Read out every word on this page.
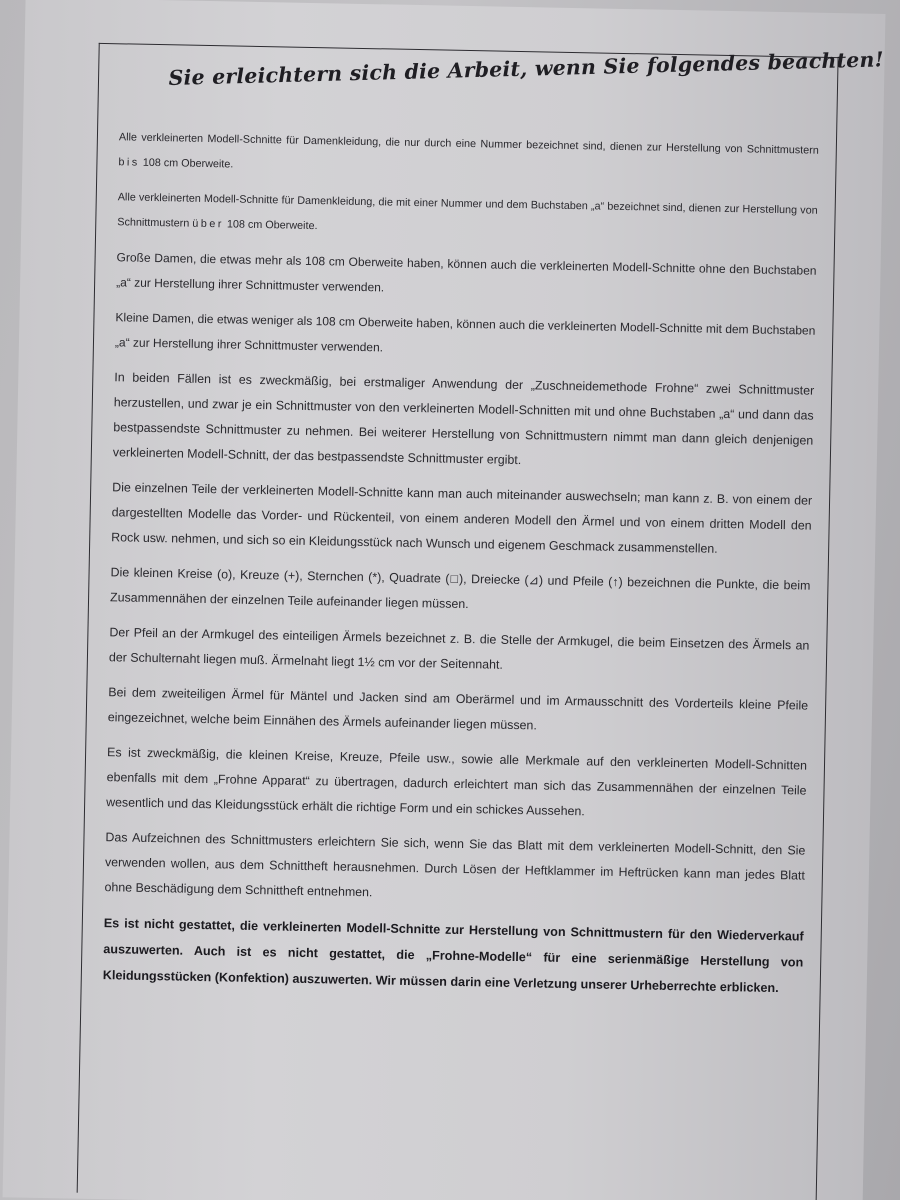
Sie erleichtern sich die Arbeit, wenn Sie folgendes beachten!

Alle verkleinerten Modell-Schnitte für Damenkleidung, die nur durch eine Nummer bezeichnet sind, dienen zur Herstellung von Schnittmustern bis 108 cm Oberweite.

Alle verkleinerten Modell-Schnitte für Damenkleidung, die mit einer Nummer und dem Buchstaben „a“ bezeichnet sind, dienen zur Herstellung von Schnittmustern über 108 cm Oberweite.

Große Damen, die etwas mehr als 108 cm Oberweite haben, können auch die verkleinerten Modell-Schnitte ohne den Buchstaben „a“ zur Herstellung ihrer Schnittmuster verwenden.

Kleine Damen, die etwas weniger als 108 cm Oberweite haben, können auch die verkleinerten Modell-Schnitte mit dem Buchstaben „a“ zur Herstellung ihrer Schnittmuster verwenden.

In beiden Fällen ist es zweckmäßig, bei erstmaliger Anwendung der „Zuschneidemethode Frohne“ zwei Schnittmuster herzustellen, und zwar je ein Schnittmuster von den verkleinerten Modell-Schnitten mit und ohne Buchstaben „a“ und dann das bestpassendste Schnittmuster zu nehmen. Bei weiterer Herstellung von Schnittmustern nimmt man dann gleich denjenigen verkleinerten Modell-Schnitt, der das bestpassendste Schnittmuster ergibt.

Die einzelnen Teile der verkleinerten Modell-Schnitte kann man auch miteinander auswechseln; man kann z. B. von einem der dargestellten Modelle das Vorder- und Rückenteil, von einem anderen Modell den Ärmel und von einem dritten Modell den Rock usw. nehmen, und sich so ein Kleidungsstück nach Wunsch und eigenem Geschmack zusammenstellen.

Die kleinen Kreise (o), Kreuze (+), Sternchen (*), Quadrate (□), Dreiecke (⊿) und Pfeile (↑) bezeichnen die Punkte, die beim Zusammennähen der einzelnen Teile aufeinander liegen müssen.

Der Pfeil an der Armkugel des einteiligen Ärmels bezeichnet z. B. die Stelle der Armkugel, die beim Einsetzen des Ärmels an der Schulternaht liegen muß. Ärmelnaht liegt 1½ cm vor der Seitennaht.

Bei dem zweiteiligen Ärmel für Mäntel und Jacken sind am Oberärmel und im Armausschnitt des Vorderteils kleine Pfeile eingezeichnet, welche beim Einnähen des Ärmels aufeinander liegen müssen.

Es ist zweckmäßig, die kleinen Kreise, Kreuze, Pfeile usw., sowie alle Merkmale auf den verkleinerten Modell-Schnitten ebenfalls mit dem „Frohne Apparat“ zu übertragen, dadurch erleichtert man sich das Zusammennähen der einzelnen Teile wesentlich und das Kleidungsstück erhält die richtige Form und ein schickes Aussehen.

Das Aufzeichnen des Schnittmusters erleichtern Sie sich, wenn Sie das Blatt mit dem verkleinerten Modell-Schnitt, den Sie verwenden wollen, aus dem Schnittheft herausnehmen. Durch Lösen der Heftklammer im Heftrücken kann man jedes Blatt ohne Beschädigung dem Schnittheft entnehmen.

Es ist nicht gestattet, die verkleinerten Modell-Schnitte zur Herstellung von Schnittmustern für den Wiederverkauf auszuwerten. Auch ist es nicht gestattet, die „Frohne-Modelle“ für eine serienmäßige Herstellung von Kleidungsstücken (Konfektion) auszuwerten. Wir müssen darin eine Verletzung unserer Urheberrechte erblicken.
